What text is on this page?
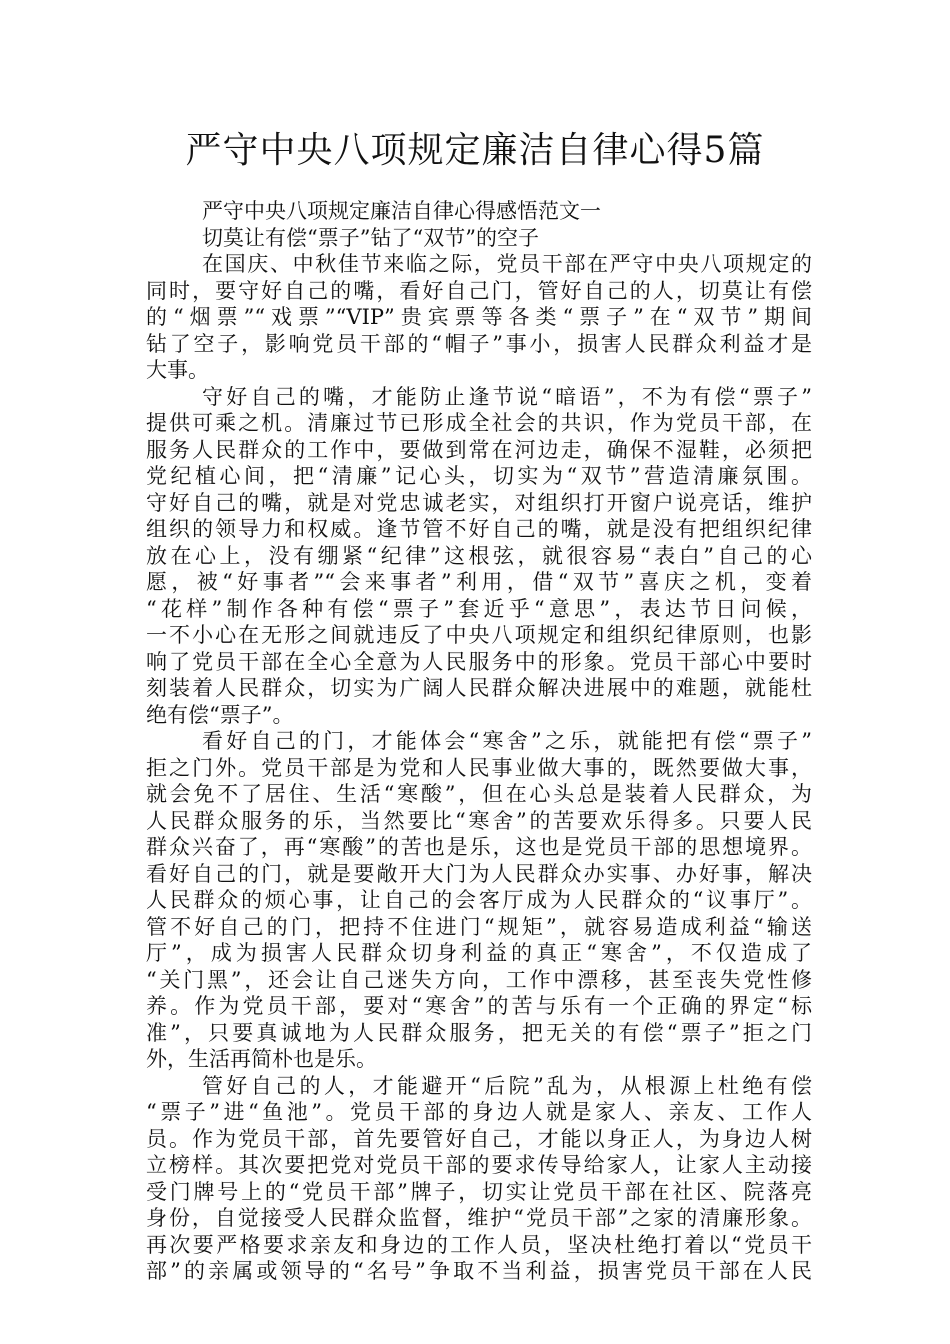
严守中央八项规定廉洁自律心得5篇
严守中央八项规定廉洁自律心得感悟范文一
切莫让有偿“票子”钻了“双节”的空子
在国庆、中秋佳节来临之际，党员干部在严守中央八项规定的
同时，要守好自己的嘴，看好自己门，管好自己的人，切莫让有偿
的“烟票”“戏票”“VIP”贵宾票等各类“票子”在“双节”期间
钻了空子，影响党员干部的“帽子”事小，损害人民群众利益才是
大事。
守好自己的嘴，才能防止逢节说“暗语”，不为有偿“票子”
提供可乘之机。清廉过节已形成全社会的共识，作为党员干部，在
服务人民群众的工作中，要做到常在河边走，确保不湿鞋，必须把
党纪植心间，把“清廉”记心头，切实为“双节”营造清廉氛围。
守好自己的嘴，就是对党忠诚老实，对组织打开窗户说亮话，维护
组织的领导力和权威。逢节管不好自己的嘴，就是没有把组织纪律
放在心上，没有绷紧“纪律”这根弦，就很容易“表白”自己的心
愿，被“好事者”“会来事者”利用，借“双节”喜庆之机，变着
“花样”制作各种有偿“票子”套近乎“意思”，表达节日问候，
一不小心在无形之间就违反了中央八项规定和组织纪律原则，也影
响了党员干部在全心全意为人民服务中的形象。党员干部心中要时
刻装着人民群众，切实为广阔人民群众解决进展中的难题，就能杜
绝有偿“票子”。
看好自己的门，才能体会“寒舍”之乐，就能把有偿“票子”
拒之门外。党员干部是为党和人民事业做大事的，既然要做大事，
就会免不了居住、生活“寒酸”，但在心头总是装着人民群众，为
人民群众服务的乐，当然要比“寒舍”的苦要欢乐得多。只要人民
群众兴奋了，再“寒酸”的苦也是乐，这也是党员干部的思想境界。
看好自己的门，就是要敞开大门为人民群众办实事、办好事，解决
人民群众的烦心事，让自己的会客厅成为人民群众的“议事厅”。
管不好自己的门，把持不住进门“规矩”，就容易造成利益“输送
厅”，成为损害人民群众切身利益的真正“寒舍”，不仅造成了
“关门黑”，还会让自己迷失方向，工作中漂移，甚至丧失党性修
养。作为党员干部，要对“寒舍”的苦与乐有一个正确的界定“标
准”，只要真诚地为人民群众服务，把无关的有偿“票子”拒之门
外，生活再简朴也是乐。
管好自己的人，才能避开“后院”乱为，从根源上杜绝有偿
“票子”进“鱼池”。党员干部的身边人就是家人、亲友、工作人
员。作为党员干部，首先要管好自己，才能以身正人，为身边人树
立榜样。其次要把党对党员干部的要求传导给家人，让家人主动接
受门牌号上的“党员干部”牌子，切实让党员干部在社区、院落亮
身份，自觉接受人民群众监督，维护“党员干部”之家的清廉形象。
再次要严格要求亲友和身边的工作人员，坚决杜绝打着以“党员干
部”的亲属或领导的“名号”争取不当利益，损害党员干部在人民
